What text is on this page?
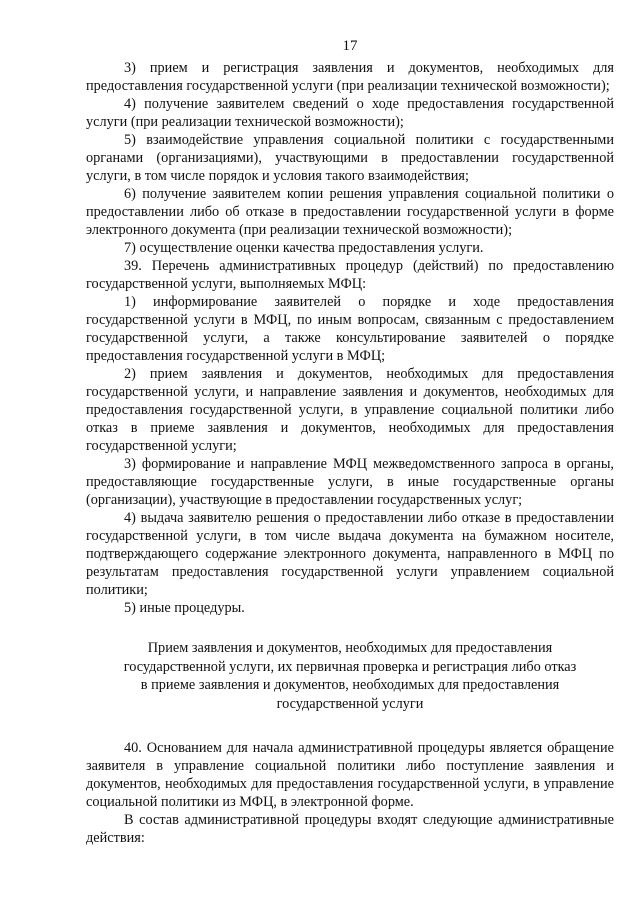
17

3) прием и регистрация заявления и документов, необходимых для предоставления государственной услуги (при реализации технической возможности);

4) получение заявителем сведений о ходе предоставления государственной услуги (при реализации технической возможности);

5) взаимодействие управления социальной политики с государственными органами (организациями), участвующими в предоставлении государственной услуги, в том числе порядок и условия такого взаимодействия;

6) получение заявителем копии решения управления социальной политики о предоставлении либо об отказе в предоставлении государственной услуги в форме электронного документа (при реализации технической возможности);

7) осуществление оценки качества предоставления услуги.

39. Перечень административных процедур (действий) по предоставлению государственной услуги, выполняемых МФЦ:

1) информирование заявителей о порядке и ходе предоставления государственной услуги в МФЦ, по иным вопросам, связанным с предоставлением государственной услуги, а также консультирование заявителей о порядке предоставления государственной услуги в МФЦ;

2) прием заявления и документов, необходимых для предоставления государственной услуги, и направление заявления и документов, необходимых для предоставления государственной услуги, в управление социальной политики либо отказ в приеме заявления и документов, необходимых для предоставления государственной услуги;

3) формирование и направление МФЦ межведомственного запроса в органы, предоставляющие государственные услуги, в иные государственные органы (организации), участвующие в предоставлении государственных услуг;

4) выдача заявителю решения о предоставлении либо отказе в предоставлении государственной услуги, в том числе выдача документа на бумажном носителе, подтверждающего содержание электронного документа, направленного в МФЦ по результатам предоставления государственной услуги управлением социальной политики;

5) иные процедуры.

Прием заявления и документов, необходимых для предоставления
государственной услуги, их первичная проверка и регистрация либо отказ
в приеме заявления и документов, необходимых для предоставления
государственной услуги

40. Основанием для начала административной процедуры является обращение заявителя в управление социальной политики либо поступление заявления и документов, необходимых для предоставления государственной услуги, в управление социальной политики из МФЦ, в электронной форме.

В состав административной процедуры входят следующие административные действия:
